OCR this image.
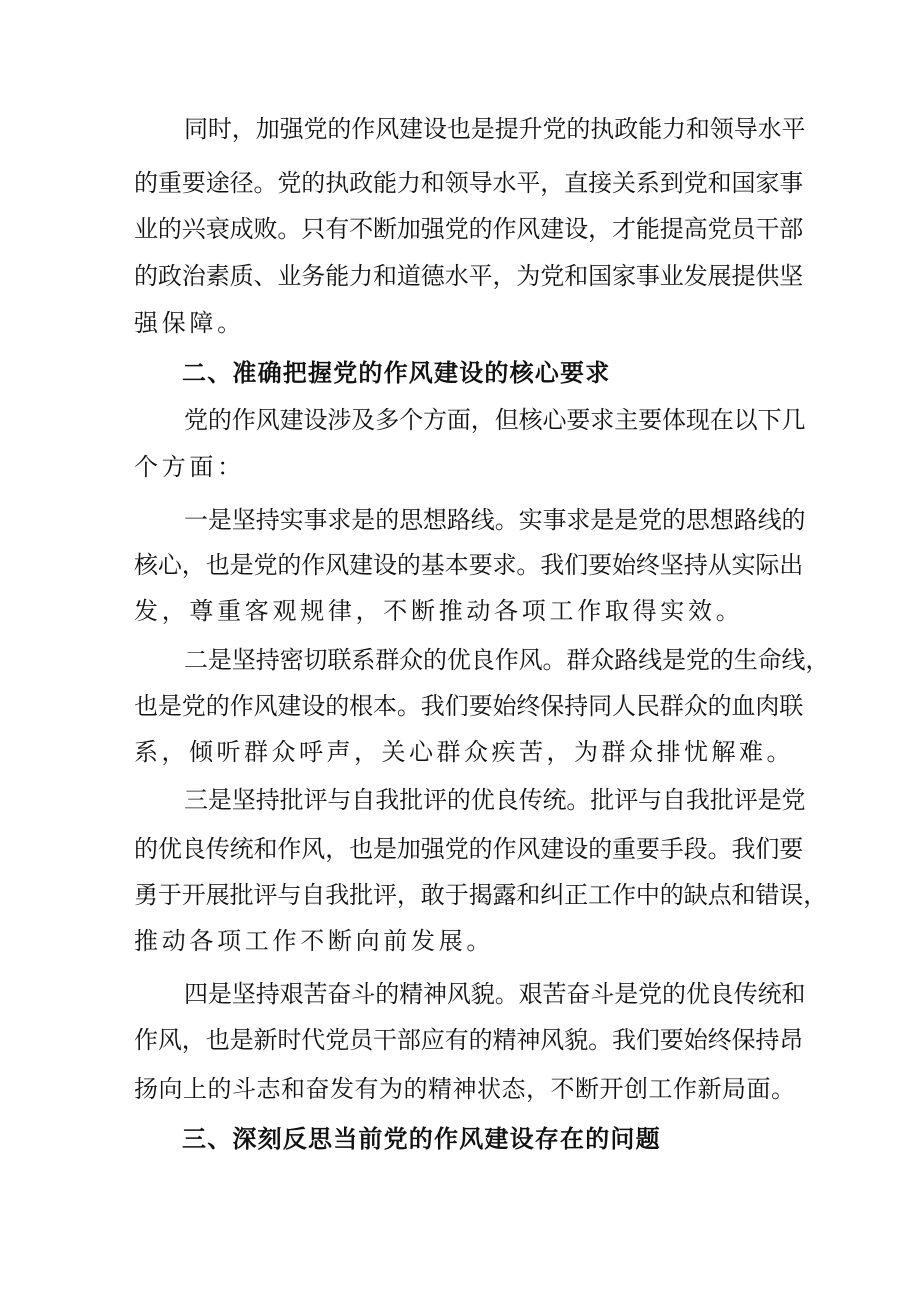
同时，加强党的作风建设也是提升党的执政能力和领导水平
的重要途径。党的执政能力和领导水平，直接关系到党和国家事
业的兴衰成败。只有不断加强党的作风建设，才能提高党员干部
的政治素质、业务能力和道德水平，为党和国家事业发展提供坚
强保障。
二、准确把握党的作风建设的核心要求
党的作风建设涉及多个方面，但核心要求主要体现在以下几
个方面：
一是坚持实事求是的思想路线。实事求是是党的思想路线的
核心，也是党的作风建设的基本要求。我们要始终坚持从实际出
发，尊重客观规律，不断推动各项工作取得实效。
二是坚持密切联系群众的优良作风。群众路线是党的生命线，
也是党的作风建设的根本。我们要始终保持同人民群众的血肉联
系，倾听群众呼声，关心群众疾苦，为群众排忧解难。
三是坚持批评与自我批评的优良传统。批评与自我批评是党
的优良传统和作风，也是加强党的作风建设的重要手段。我们要
勇于开展批评与自我批评，敢于揭露和纠正工作中的缺点和错误，
推动各项工作不断向前发展。
四是坚持艰苦奋斗的精神风貌。艰苦奋斗是党的优良传统和
作风，也是新时代党员干部应有的精神风貌。我们要始终保持昂
扬向上的斗志和奋发有为的精神状态，不断开创工作新局面。
三、深刻反思当前党的作风建设存在的问题
